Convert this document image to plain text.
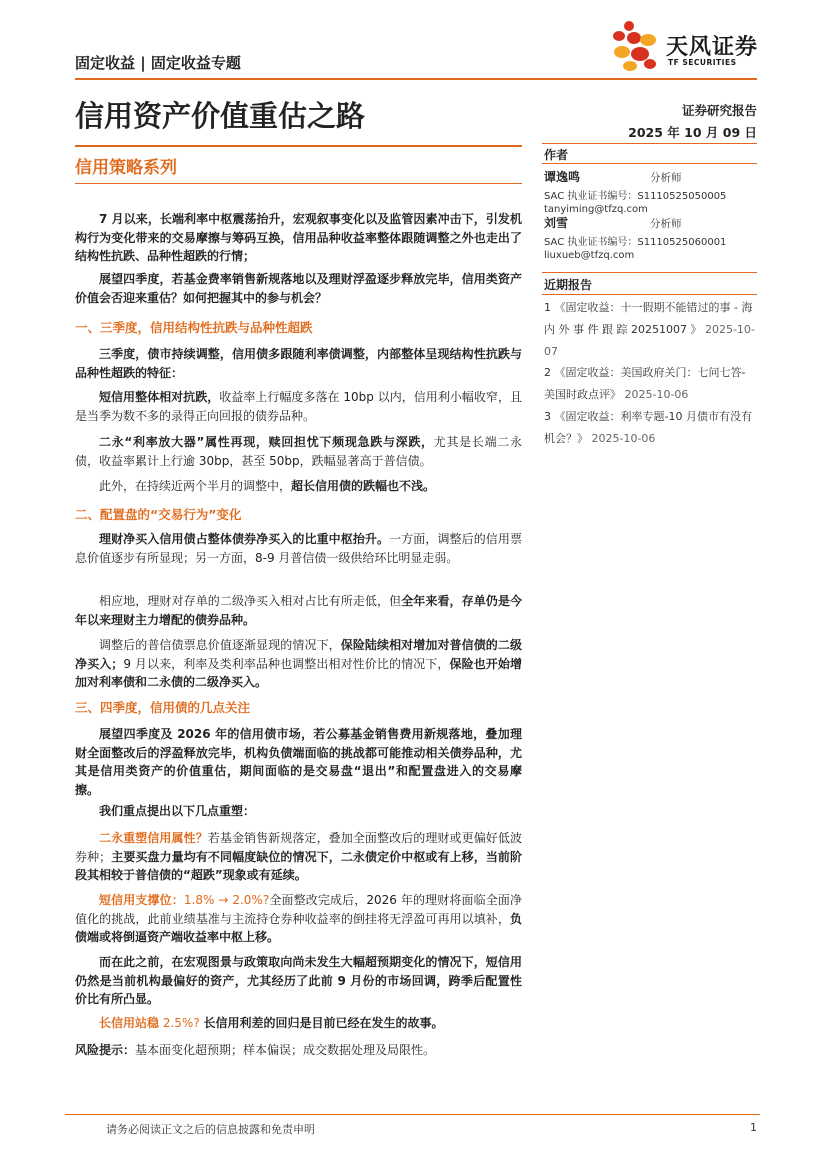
固定收益 | 固定收益专题
天风证券
TF SECURITIES
信用资产价值重估之路	证券研究报告
2025 年 10 月 09 日
信用策略系列
作者
谭逸鸣
SAC 执业证书编号：S1110525050005
tanyiming@tfzq.com
分析师
刘雪
SAC 执业证书编号：S1110525060001
liuxueb@tfzq.com
分析师
近期报告
1 《固定收益：十一假期不能错过的事 - 海 内 外 事 件 跟 踪 20251007 》 2025-10-07
2 《固定收益：美国政府关门：七问七答-美国时政点评》 2025-10-06
3 《固定收益：利率专题-10 月债市有没有机会？》 2025-10-06

7 月以来，长端利率中枢震荡抬升，宏观叙事变化以及监管因素冲击下，引发机构行为变化带来的交易摩擦与筹码互换，信用品种收益率整体跟随调整之外也走出了结构性抗跌、品种性超跌的行情；

展望四季度，若基金费率销售新规落地以及理财浮盈逐步释放完毕，信用类资产价值会否迎来重估？如何把握其中的参与机会？

一、三季度，信用结构性抗跌与品种性超跌

三季度，债市持续调整，信用债多跟随利率债调整，内部整体呈现结构性抗跌与品种性超跌的特征：

短信用整体相对抗跌，收益率上行幅度多落在 10bp 以内，信用利小幅收窄，且是当季为数不多的录得正向回报的债券品种。

二永“利率放大器”属性再现，赎回担忧下频现急跌与深跌，尤其是长端二永债，收益率累计上行逾 30bp，甚至 50bp，跌幅显著高于普信债。

此外，在持续近两个半月的调整中，超长信用债的跌幅也不浅。

二、配置盘的“交易行为”变化

理财净买入信用债占整体债券净买入的比重中枢抬升。一方面，调整后的信用票息价值逐步有所显现；另一方面，8-9 月普信债一级供给环比明显走弱。

相应地，理财对存单的二级净买入相对占比有所走低，但全年来看，存单仍是今年以来理财主力增配的债券品种。

调整后的普信债票息价值逐渐显现的情况下，保险陆续相对增加对普信债的二级净买入；9 月以来，利率及类利率品种也调整出相对性价比的情况下，保险也开始增加对利率债和二永债的二级净买入。

三、四季度，信用债的几点关注

展望四季度及 2026 年的信用债市场，若公募基金销售费用新规落地，叠加理财全面整改后的浮盈释放完毕，机构负债端面临的挑战都可能推动相关债券品种，尤其是信用类资产的价值重估，期间面临的是交易盘“退出”和配置盘进入的交易摩擦。

我们重点提出以下几点重塑：

二永重塑信用属性？若基金销售新规落定，叠加全面整改后的理财或更偏好低波券种；主要买盘力量均有不同幅度缺位的情况下，二永债定价中枢或有上移，当前阶段其相较于普信债的“超跌”现象或有延续。

短信用支撑位：1.8% → 2.0%?全面整改完成后，2026 年的理财将面临全面净值化的挑战，此前业绩基准与主流持仓券种收益率的倒挂将无浮盈可再用以填补，负债端或将倒逼资产端收益率中枢上移。

而在此之前，在宏观图景与政策取向尚未发生大幅超预期变化的情况下，短信用仍然是当前机构最偏好的资产，尤其经历了此前 9 月份的市场回调，跨季后配置性价比有所凸显。

长信用站稳 2.5%? 长信用利差的回归是目前已经在发生的故事。

风险提示：基本面变化超预期；样本偏误；成交数据处理及局限性。

请务必阅读正文之后的信息披露和免责申明	1
